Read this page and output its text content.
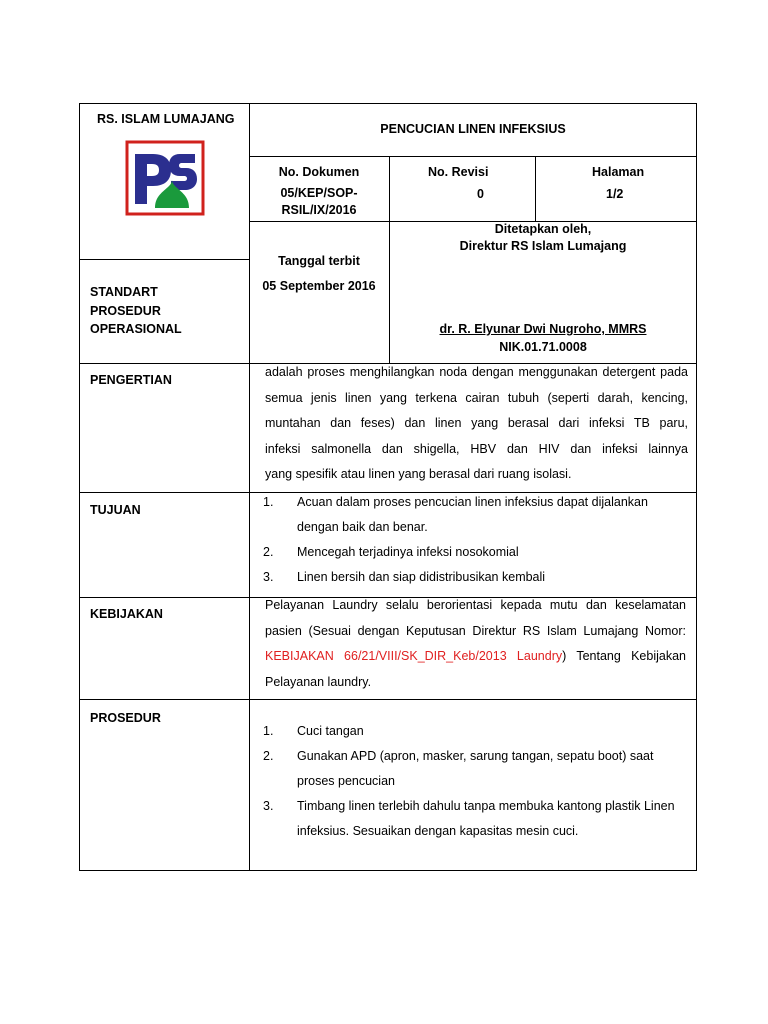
RS. ISLAM LUMAJANG
STANDART
PROSEDUR
OPERASIONAL
PENCUCIAN LINEN INFEKSIUS
No. Dokumen
05/KEP/SOP-
RSIL/IX/2016
No. Revisi
0
Halaman
1/2
Tanggal terbit
05 September 2016
Ditetapkan oleh,
Direktur RS Islam Lumajang
dr. R. Elyunar Dwi Nugroho, MMRS
NIK.01.71.0008
PENGERTIAN
adalah proses menghilangkan noda dengan menggunakan detergent pada
semua jenis linen yang terkena cairan tubuh (seperti darah, kencing,
muntahan dan feses) dan linen yang berasal dari infeksi TB paru,
infeksi salmonella dan shigella, HBV dan HIV dan infeksi lainnya
yang spesifik atau linen yang berasal dari ruang isolasi.
TUJUAN
1. Acuan dalam proses pencucian linen infeksius dapat dijalankan
dengan baik dan benar.
2. Mencegah terjadinya infeksi nosokomial
3. Linen bersih dan siap didistribusikan kembali
KEBIJAKAN
Pelayanan Laundry selalu berorientasi kepada mutu dan keselamatan
pasien (Sesuai dengan Keputusan Direktur RS Islam Lumajang Nomor:
KEBIJAKAN 66/21/VIII/SK_DIR_Keb/2013 Laundry) Tentang Kebijakan
Pelayanan laundry.
PROSEDUR
1. Cuci tangan
2. Gunakan APD (apron, masker, sarung tangan, sepatu boot) saat
proses pencucian
3. Timbang linen terlebih dahulu tanpa membuka kantong plastik Linen
infeksius. Sesuaikan dengan kapasitas mesin cuci.
